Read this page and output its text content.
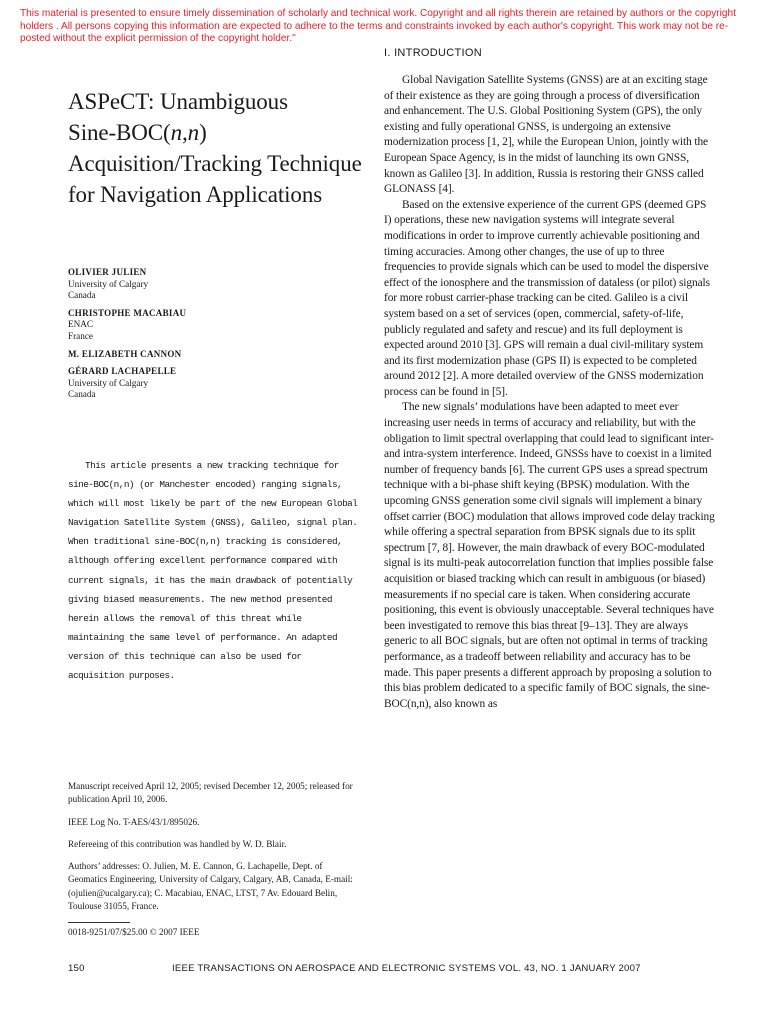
This material is presented to ensure timely dissemination of scholarly and technical work. Copyright and all rights therein are retained by authors or the copyright holders . All persons copying this information are expected to adhere to the terms and constraints invoked by each author's copyright. This work may not be re-posted without the explicit permission of the copyright holder."
ASPeCT: Unambiguous
Sine-BOC(n,n)
Acquisition/Tracking Technique
for Navigation Applications
OLIVIER JULIEN
University of Calgary
Canada
CHRISTOPHE MACABIAU
ENAC
France
M. ELIZABETH CANNON
GÉRARD LACHAPELLE
University of Calgary
Canada
This article presents a new tracking technique for sine-BOC(n,n) (or Manchester encoded) ranging signals, which will most likely be part of the new European Global Navigation Satellite System (GNSS), Galileo, signal plan. When traditional sine-BOC(n,n) tracking is considered, although offering excellent performance compared with current signals, it has the main drawback of potentially giving biased measurements. The new method presented herein allows the removal of this threat while maintaining the same level of performance. An adapted version of this technique can also be used for acquisition purposes.

Manuscript received April 12, 2005; revised December 12, 2005; released for publication April 10, 2006.

IEEE Log No. T-AES/43/1/895026.

Refereeing of this contribution was handled by W. D. Blair.

Authors’ addresses: O. Julien, M. E. Cannon, G. Lachapelle, Dept. of Geomatics Engineering, University of Calgary, Calgary, AB, Canada, E-mail: (ojulien@ucalgary.ca); C. Macabiau, ENAC, LTST, 7 Av. Edouard Belin, Toulouse 31055, France.

0018-9251/07/$25.00 © 2007 IEEE
I. INTRODUCTION

Global Navigation Satellite Systems (GNSS) are at an exciting stage of their existence as they are going through a process of diversification and enhancement. The U.S. Global Positioning System (GPS), the only existing and fully operational GNSS, is undergoing an extensive modernization process [1, 2], while the European Union, jointly with the European Space Agency, is in the midst of launching its own GNSS, known as Galileo [3]. In addition, Russia is restoring their GNSS called GLONASS [4].

Based on the extensive experience of the current GPS (deemed GPS I) operations, these new navigation systems will integrate several modifications in order to improve currently achievable positioning and timing accuracies. Among other changes, the use of up to three frequencies to provide signals which can be used to model the dispersive effect of the ionosphere and the transmission of dataless (or pilot) signals for more robust carrier-phase tracking can be cited. Galileo is a civil system based on a set of services (open, commercial, safety-of-life, publicly regulated and safety and rescue) and its full deployment is expected around 2010 [3]. GPS will remain a dual civil-military system and its first modernization phase (GPS II) is expected to be completed around 2012 [2]. A more detailed overview of the GNSS modernization process can be found in [5].

The new signals’ modulations have been adapted to meet ever increasing user needs in terms of accuracy and reliability, but with the obligation to limit spectral overlapping that could lead to significant inter- and intra-system interference. Indeed, GNSSs have to coexist in a limited number of frequency bands [6]. The current GPS uses a spread spectrum technique with a bi-phase shift keying (BPSK) modulation. With the upcoming GNSS generation some civil signals will implement a binary offset carrier (BOC) modulation that allows improved code delay tracking while offering a spectral separation from BPSK signals due to its split spectrum [7, 8]. However, the main drawback of every BOC-modulated signal is its multi-peak autocorrelation function that implies possible false acquisition or biased tracking which can result in ambiguous (or biased) measurements if no special care is taken. When considering accurate positioning, this event is obviously unacceptable. Several techniques have been investigated to remove this bias threat [9–13]. They are always generic to all BOC signals, but are often not optimal in terms of tracking performance, as a tradeoff between reliability and accuracy has to be made. This paper presents a different approach by proposing a solution to this bias problem dedicated to a specific family of BOC signals, the sine-BOC(n,n), also known as

150	IEEE TRANSACTIONS ON AEROSPACE AND ELECTRONIC SYSTEMS VOL. 43, NO. 1 JANUARY 2007
